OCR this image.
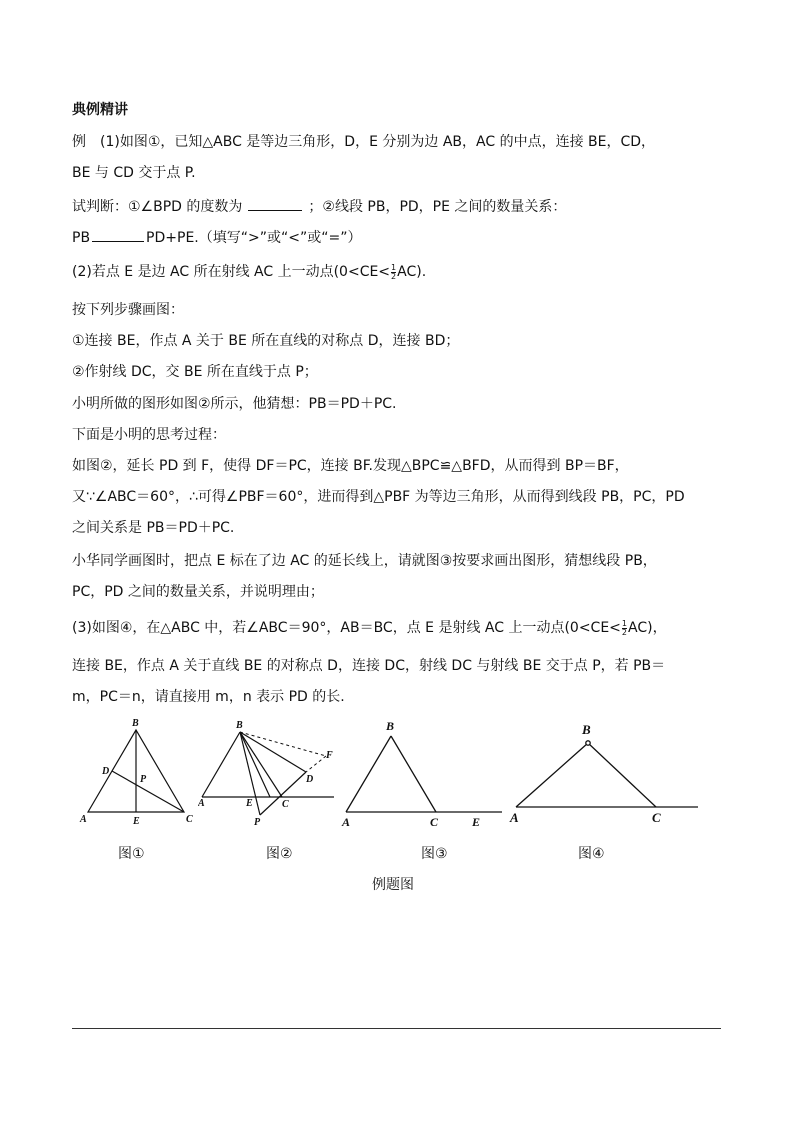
典例精讲
例　(1)如图①，已知△ABC 是等边三角形，D，E 分别为边 AB，AC 的中点，连接 BE，CD，
BE 与 CD 交于点 P.
试判断：①∠BPD 的度数为	；②线段 PB，PD，PE 之间的数量关系：
PB	PD+PE.（填写“>”或“<”或“=”）
(2)若点 E 是边 AC 所在射线 AC 上一动点$(0<CE< \frac{1}{2} AC)$.
按下列步骤画图：
①连接 BE，作点 A 关于 BE 所在直线的对称点 D，连接 BD；
②作射线 DC，交 BE 所在直线于点 P；
小明所做的图形如图②所示，他猜想：PB＝PD＋PC.
下面是小明的思考过程：
如图②，延长 PD 到 F，使得 DF＝PC，连接 BF.发现△BPC≌△BFD，从而得到 BP＝BF，
又∵∠ABC＝60°，∴可得∠PBF＝60°，进而得到△PBF 为等边三角形，从而得到线段 PB，PC，PD
之间关系是 PB＝PD＋PC.
小华同学画图时，把点 E 标在了边 AC 的延长线上，请就图③按要求画出图形，猜想线段 PB，
PC，PD 之间的数量关系，并说明理由；
(3)如图④，在△ABC 中，若∠ABC＝90°，AB＝BC，点 E 是射线 AC 上一动点$(0<CE< \frac{1}{2} AC)$，
连接 BE，作点 A 关于直线 BE 的对称点 D，连接 DC，射线 DC 与射线 BE 交于点 P，若 PB＝
m，PC＝n，请直接用 m，n 表示 PD 的长.
B
A	C
D
E
P
B
A	E	C
D
F
P
B
A	C	E
B
A	C
图①	图②	图③	图④
例题图
